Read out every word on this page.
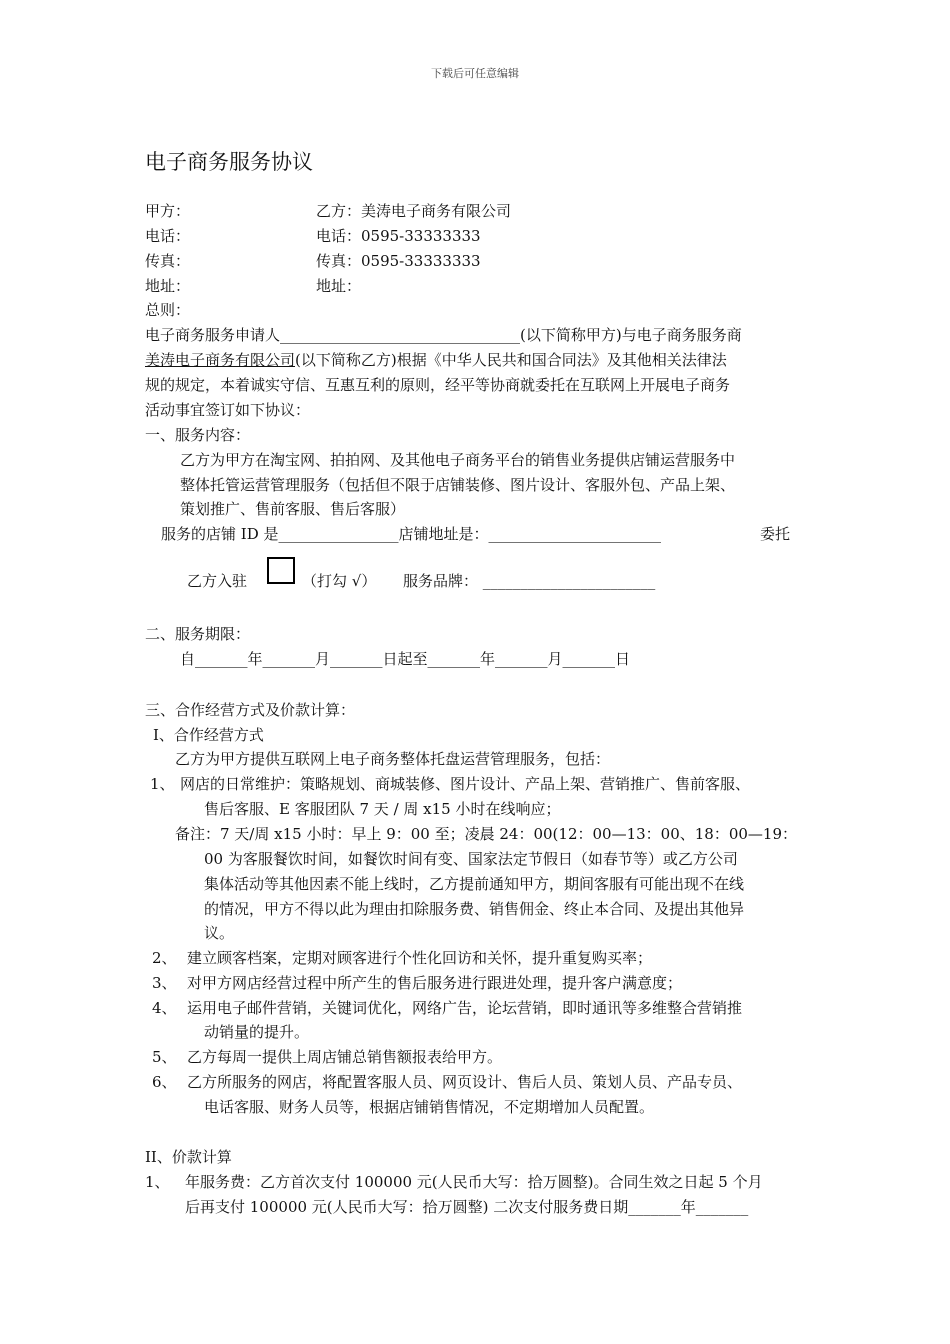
下载后可任意编辑
电子商务服务协议
甲方：	乙方：美涛电子商务有限公司
电话：	电话：0595-33333333
传真：	传真：0595-33333333
地址：	地址：
总则：
电子商务服务申请人________________________________(以下简称甲方)与电子商务服务商
美涛电子商务有限公司(以下简称乙方)根据《中华人民共和国合同法》及其他相关法律法
规的规定，本着诚实守信、互惠互利的原则，经平等协商就委托在互联网上开展电子商务
活动事宜签订如下协议：
一、服务内容：
乙方为甲方在淘宝网、拍拍网、及其他电子商务平台的销售业务提供店铺运营服务中
整体托管运营管理服务（包括但不限于店铺装修、图片设计、客服外包、产品上架、
策划推广、售前客服、售后客服）
服务的店铺 ID 是________________店铺地址是：_______________________	委托
乙方入驻	（打勾 √） 服务品牌： _______________________
二、服务期限：
自_______年_______月_______日起至_______年_______月_______日
三、合作经营方式及价款计算：
I、合作经营方式
乙方为甲方提供互联网上电子商务整体托盘运营管理服务，包括：
1、 网店的日常维护：策略规划、商城装修、图片设计、产品上架、营销推广、售前客服、
售后客服、E 客服团队 7 天 / 周 x15 小时在线响应；
备注：7 天/周 x15 小时：早上 9：00 至；凌晨 24：00(12：00—13：00、18：00—19：
00 为客服餐饮时间，如餐饮时间有变、国家法定节假日（如春节等）或乙方公司
集体活动等其他因素不能上线时，乙方提前通知甲方，期间客服有可能出现不在线
的情况，甲方不得以此为理由扣除服务费、销售佣金、终止本合同、及提出其他异
议。
2、 建立顾客档案，定期对顾客进行个性化回访和关怀，提升重复购买率；
3、 对甲方网店经营过程中所产生的售后服务进行跟进处理，提升客户满意度；
4、 运用电子邮件营销，关键词优化，网络广告，论坛营销，即时通讯等多维整合营销推
动销量的提升。
5、 乙方每周一提供上周店铺总销售额报表给甲方。
6、 乙方所服务的网店，将配置客服人员、网页设计、售后人员、策划人员、产品专员、
电话客服、财务人员等，根据店铺销售情况，不定期增加人员配置。
II、价款计算
1、 年服务费：乙方首次支付 100000 元(人民币大写：拾万圆整)。合同生效之日起 5 个月
后再支付 100000 元(人民币大写：拾万圆整) 二次支付服务费日期_______年_______
